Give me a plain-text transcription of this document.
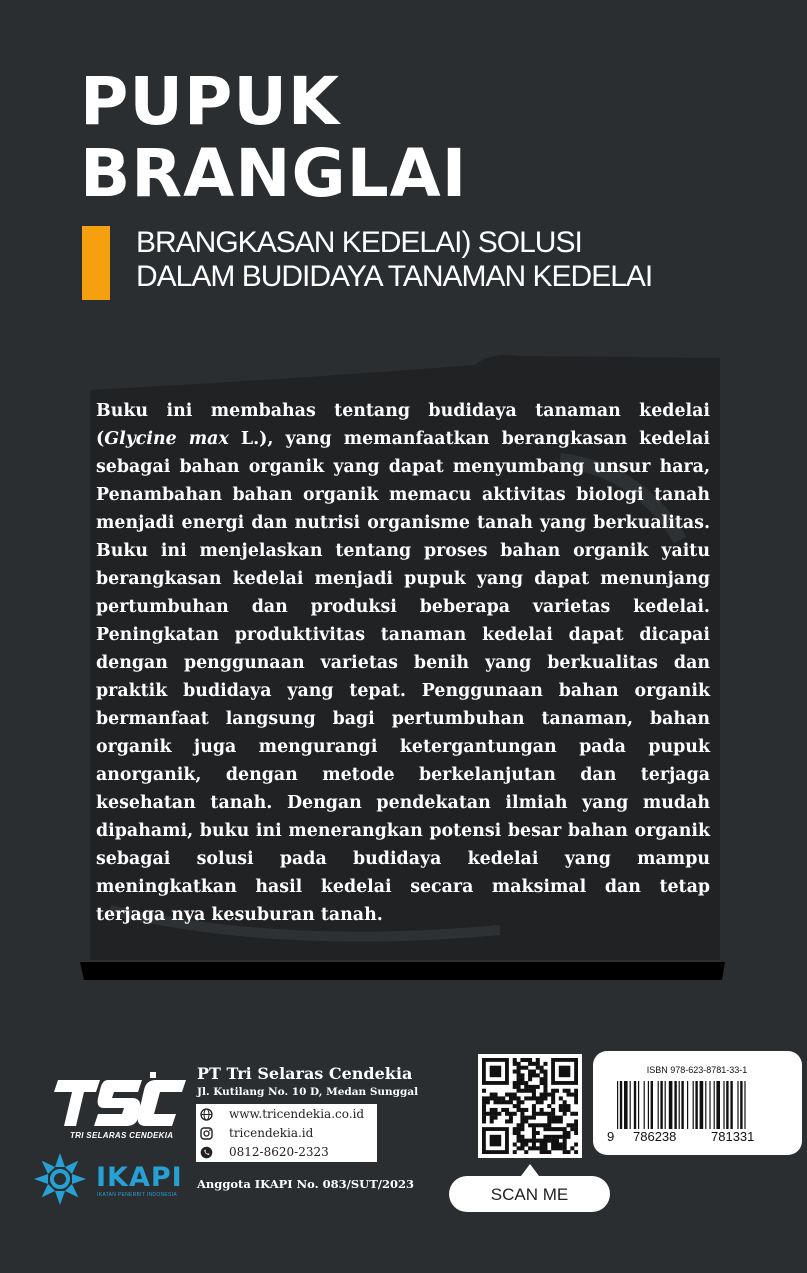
PUPUK
BRANGLAI
BRANGKASAN KEDELAI) SOLUSI
DALAM BUDIDAYA TANAMAN KEDELAI

Buku ini membahas tentang budidaya tanaman kedelai (Glycine max L.), yang memanfaatkan berangkasan kedelai sebagai bahan organik yang dapat menyumbang unsur hara, Penambahan bahan organik memacu aktivitas biologi tanah menjadi energi dan nutrisi organisme tanah yang berkualitas. Buku ini menjelaskan tentang proses bahan organik yaitu berangkasan kedelai menjadi pupuk yang dapat menunjang pertumbuhan dan produksi beberapa varietas kedelai. Peningkatan produktivitas tanaman kedelai dapat dicapai dengan penggunaan varietas benih yang berkualitas dan praktik budidaya yang tepat. Penggunaan bahan organik bermanfaat langsung bagi pertumbuhan tanaman, bahan organik juga mengurangi ketergantungan pada pupuk anorganik, dengan metode berkelanjutan dan terjaga kesehatan tanah. Dengan pendekatan ilmiah yang mudah dipahami, buku ini menerangkan potensi besar bahan organik sebagai solusi pada budidaya kedelai yang mampu meningkatkan hasil kedelai secara maksimal dan tetap terjaga nya kesuburan tanah.

TRI SELARAS CENDEKIA
PT Tri Selaras Cendekia
Jl. Kutilang No. 10 D, Medan Sunggal
www.tricendekia.co.id
tricendekia.id
0812-8620-2323
IKAPI
IKATAN PENERBIT INDONESIA
Anggota IKAPI No. 083/SUT/2023
SCAN ME
ISBN 978-623-8781-33-1
9 786238	781331
